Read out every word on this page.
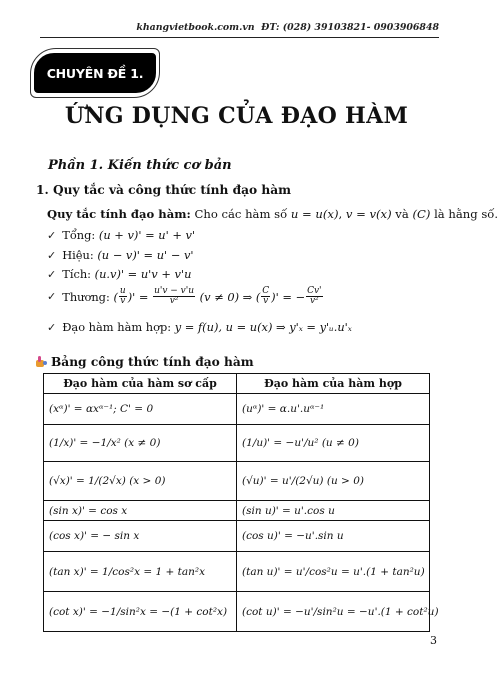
khangvietbook.com.vn ĐT: (028) 39103821- 0903906848
CHUYÊN ĐỀ 1.
ỨNG DỤNG CỦA ĐẠO HÀM
Phần 1. Kiến thức cơ bản
1. Quy tắc và công thức tính đạo hàm
Quy tắc tính đạo hàm: Cho các hàm số u = u(x), v = v(x) và (C) là hằng số.
✓ Tổng:
(u + v)' = u' + v'
✓ Hiệu:
(u − v)' = u' − v'
✓ Tích:
(u.v)' = u'v + v'u
✓ Thương:
( $\frac{u}{v}$ )' = $\frac{u'v - v'u}{\text{v²}}$
(v ≠ 0) ⇒
( $\frac{C}{v}$ )' = − $\frac{Cv'}{\text{v²}}$
✓ Đạo hàm hàm hợp:
y = f(u), u = u(x) ⇒ y'ₓ = y'ᵤ.u'ₓ
Bảng công thức tính đạo hàm
Đạo hàm của hàm sơ cấp	Đạo hàm của hàm hợp
(xᵅ)' = αxᵅ⁻¹; C' = 0	(uᵅ)' = α.u'.uᵅ⁻¹
(1/x)' = −1/x² (x ≠ 0)	(1/u)' = −u'/u² (u ≠ 0)
(√x)' = 1/(2√x) (x > 0)	(√u)' = u'/(2√u) (u > 0)
(sin x)' = cos x	(sin u)' = u'.cos u
(cos x)' = − sin x	(cos u)' = −u'.sin u
(tan x)' = 1/cos²x = 1 + tan²x	(tan u)' = u'/cos²u = u'.(1 + tan²u)
(cot x)' = −1/sin²x = −(1 + cot²x)	(cot u)' = −u'/sin²u = −u'.(1 + cot²u)
3
